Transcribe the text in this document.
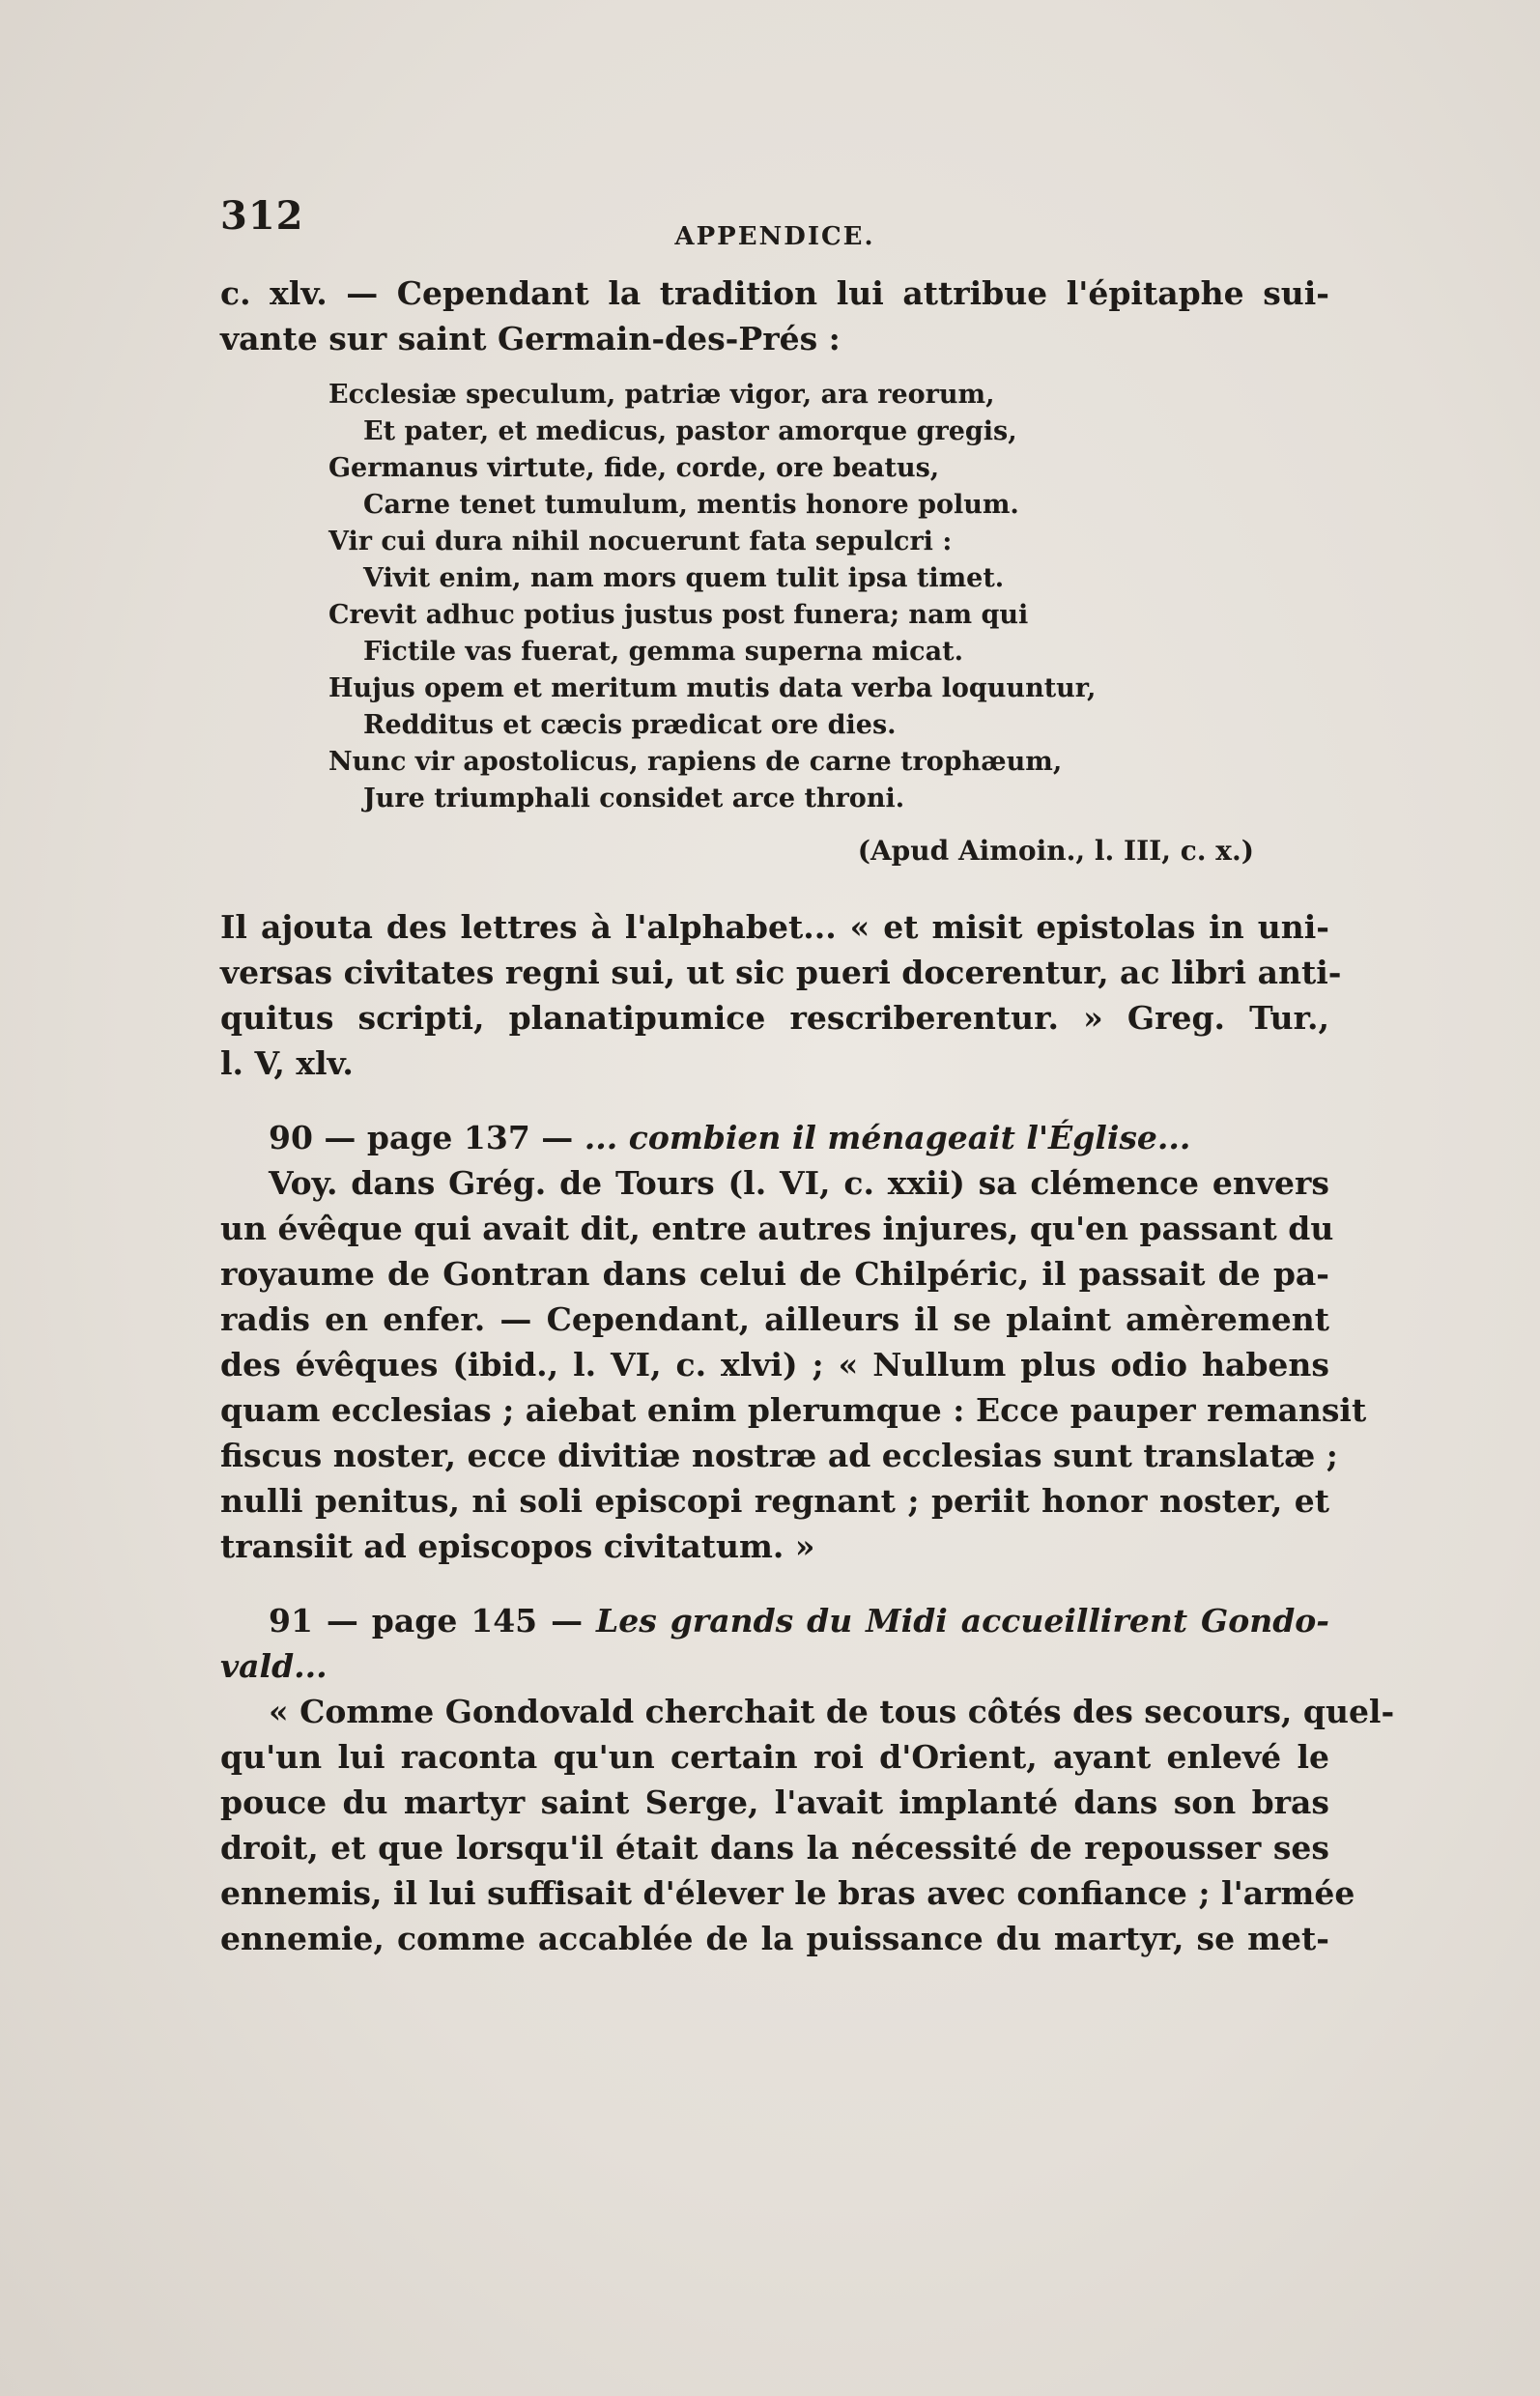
312	APPENDICE.
c. xlv. — Cependant la tradition lui attribue l'épitaphe sui-
vante sur saint Germain-des-Prés :
Ecclesiæ speculum, patriæ vigor, ara reorum,
Et pater, et medicus, pastor amorque gregis,
Germanus virtute, fide, corde, ore beatus,
Carne tenet tumulum, mentis honore polum.
Vir cui dura nihil nocuerunt fata sepulcri :
Vivit enim, nam mors quem tulit ipsa timet.
Crevit adhuc potius justus post funera; nam qui
Fictile vas fuerat, gemma superna micat.
Hujus opem et meritum mutis data verba loquuntur,
Redditus et cæcis prædicat ore dies.
Nunc vir apostolicus, rapiens de carne trophæum,
Jure triumphali considet arce throni.
(Apud Aimoin., l. III, c. x.)
Il ajouta des lettres à l'alphabet... « et misit epistolas in uni-
versas civitates regni sui, ut sic pueri docerentur, ac libri anti-
quitus scripti, planatipumice rescriberentur. » Greg. Tur.,
l. V, xlv.
90 — page 137 — ... combien il ménageait l'Église...
Voy. dans Grég. de Tours (l. VI, c. xxii) sa clémence envers
un évêque qui avait dit, entre autres injures, qu'en passant du
royaume de Gontran dans celui de Chilpéric, il passait de pa-
radis en enfer. — Cependant, ailleurs il se plaint amèrement
des évêques (ibid., l. VI, c. xlvi) ; « Nullum plus odio habens
quam ecclesias ; aiebat enim plerumque : Ecce pauper remansit
fiscus noster, ecce divitiæ nostræ ad ecclesias sunt translatæ ;
nulli penitus, ni soli episcopi regnant ; periit honor noster, et
transiit ad episcopos civitatum. »
91 — page 145 — Les grands du Midi accueillirent Gondo-
vald...
« Comme Gondovald cherchait de tous côtés des secours, quel-
qu'un lui raconta qu'un certain roi d'Orient, ayant enlevé le
pouce du martyr saint Serge, l'avait implanté dans son bras
droit, et que lorsqu'il était dans la nécessité de repousser ses
ennemis, il lui suffisait d'élever le bras avec confiance ; l'armée
ennemie, comme accablée de la puissance du martyr, se met-
